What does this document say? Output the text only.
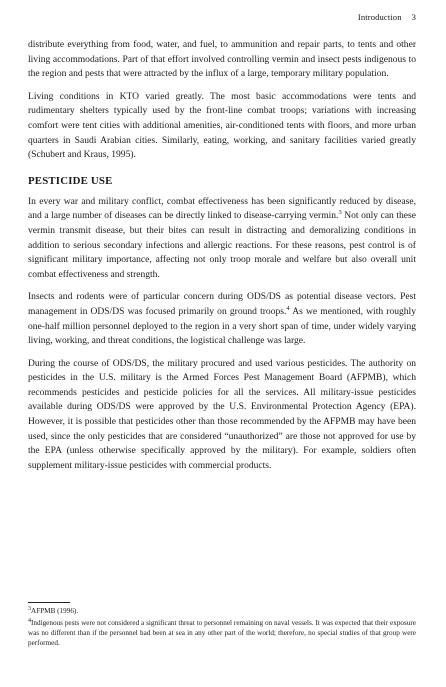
Introduction 3

distribute everything from food, water, and fuel, to ammunition and repair parts, to tents and other living accommodations. Part of that effort involved controlling vermin and insect pests indigenous to the region and pests that were attracted by the influx of a large, temporary military population.

Living conditions in KTO varied greatly. The most basic accommodations were tents and rudimentary shelters typically used by the front-line combat troops; variations with increasing comfort were tent cities with additional amenities, air-conditioned tents with floors, and more urban quarters in Saudi Arabian cities. Similarly, eating, working, and sanitary facilities varied greatly (Schubert and Kraus, 1995).

PESTICIDE USE

In every war and military conflict, combat effectiveness has been significantly reduced by disease, and a large number of diseases can be directly linked to disease-carrying vermin.$^3$ Not only can these vermin transmit disease, but their bites can result in distracting and demoralizing conditions in addition to serious secondary infections and allergic reactions. For these reasons, pest control is of significant military importance, affecting not only troop morale and welfare but also overall unit combat effectiveness and strength.

Insects and rodents were of particular concern during ODS/DS as potential disease vectors. Pest management in ODS/DS was focused primarily on ground troops.$^4$ As we mentioned, with roughly one-half million personnel deployed to the region in a very short span of time, under widely varying living, working, and threat conditions, the logistical challenge was large.

During the course of ODS/DS, the military procured and used various pesticides. The authority on pesticides in the U.S. military is the Armed Forces Pest Management Board (AFPMB), which recommends pesticides and pesticide policies for all the services. All military-issue pesticides available during ODS/DS were approved by the U.S. Environmental Protection Agency (EPA). However, it is possible that pesticides other than those recommended by the AFPMB may have been used, since the only pesticides that are considered “unauthorized” are those not approved for use by the EPA (unless otherwise specifically approved by the military). For example, soldiers often supplement military-issue pesticides with commercial products.

$^3$AFPMB (1996).
$^4$Indigenous pests were not considered a significant threat to personnel remaining on naval vessels. It was expected that their exposure was no different than if the personnel had been at sea in any other part of the world; therefore, no special studies of that group were performed.
